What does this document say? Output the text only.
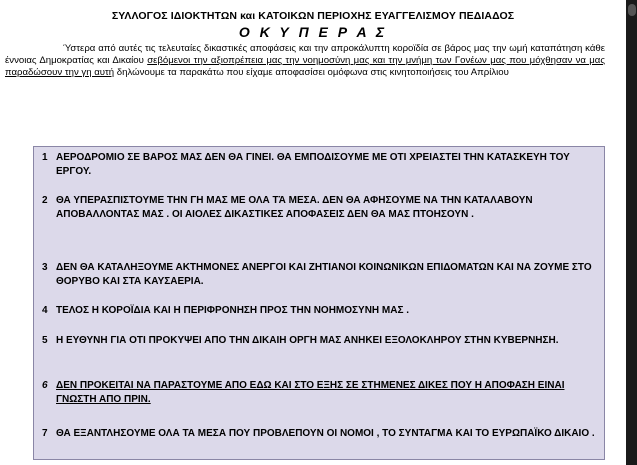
ΣΥΛΛΟΓΟΣ ΙΔΙΟΚΤΗΤΩΝ και ΚΑΤΟΙΚΩΝ ΠΕΡΙΟΧΗΣ ΕΥΑΓΓΕΛΙΣΜΟΥ ΠΕΔΙΑΔΟΣ
Ο Κ Υ Π Ε Ρ Α Σ
Ύστερα από αυτές τις τελευταίες δικαστικές αποφάσεις και την απροκάλυπτη κοροϊδία σε βάρος μας την ωμή καταπάτηση κάθε έννοιας Δημοκρατίας και Δικαίου σεβόμενοι την αξιοπρέπεια μας την νοημοσύνη μας και την μνήμη των Γονέων μας που μόχθησαν να μας παραδώσουν την γη αυτή δηλώνουμε τα παρακάτω που είχαμε αποφασίσει ομόφωνα στις κινητοποιήσεις του Απρίλιου
1 ΑΕΡΟΔΡΟΜΙΟ ΣΕ ΒΑΡΟΣ ΜΑΣ ΔΕΝ ΘΑ ΓΙΝΕΙ. ΘΑ ΕΜΠΟΔΙΣΟΥΜΕ ΜΕ ΟΤΙ ΧΡΕΙΑΣΤΕΙ ΤΗΝ ΚΑΤΑΣΚΕΥΗ ΤΟΥ ΕΡΓΟΥ.
2 ΘΑ ΥΠΕΡΑΣΠΙΣΤΟΥΜΕ ΤΗΝ ΓΗ ΜΑΣ ΜΕ ΟΛΑ ΤΆ ΜΕΣΑ. ΔΕΝ ΘΑ ΑΦΗΣΟΥΜΕ ΝΑ ΤΗΝ ΚΑΤΑΛΑΒΟΥΝ ΑΠΟΒΑΛΛΟΝΤΑΣ ΜΑΣ . ΟΙ ΑΙΟΛΕΣ ΔΙΚΑΣΤΙΚΕΣ ΑΠΟΦΑΣΕΙΣ ΔΕΝ ΘΑ ΜΑΣ ΠΤΟΗΣΟΥΝ .
3 ΔΕΝ ΘΑ ΚΑΤΑΛΗΞΟΥΜΕ ΑΚΤΗΜΟΝΕΣ ΑΝΕΡΓΟΙ ΚΑΙ ΖΗΤΙΑΝΟΙ ΚΟΙΝΩΝΙΚΩΝ ΕΠΙΔΟΜΑΤΩΝ ΚΑΙ ΝΑ ΖΟΥΜΕ ΣΤΟ ΘΟΡΥΒΟ ΚΑΙ ΣΤΑ ΚΑΥΣΑΕΡΙΑ.
4 ΤΕΛΟΣ Η ΚΟΡΟΪΔΙΑ ΚΑΙ Η ΠΕΡΙΦΡΟΝΗΣΗ ΠΡΟΣ ΤΗΝ ΝΟΗΜΟΣΥΝΗ ΜΑΣ .
5 Η ΕΥΘΥΝΗ ΓΙΑ ΟΤΙ ΠΡΟΚΥΨΕΙ ΑΠΟ ΤΗΝ ΔΙΚΑΙΗ ΟΡΓΗ ΜΑΣ ΑΝΗΚΕΙ ΕΞΟΛΟΚΛΗΡΟΥ ΣΤΗΝ ΚΥΒΕΡΝΗΣΗ.
6 ΔΕΝ ΠΡΟΚΕΙΤΑΙ ΝΑ ΠΑΡΑΣΤΟΥΜΕ ΑΠΟ ΕΔΩ ΚΑΙ ΣΤΟ ΕΞΗΣ ΣΕ ΣΤΗΜΕΝΕΣ ΔΙΚΕΣ ΠΟΥ Η ΑΠΟΦΑΣΗ ΕΙΝΑΙ ΓΝΩΣΤΗ ΑΠΟ ΠΡΙΝ.
7 ΘΑ ΕΞΑΝΤΛΗΣΟΥΜΕ ΟΛΑ ΤΑ ΜΕΣΑ ΠΟΥ ΠΡΟΒΛΕΠΟΥΝ ΟΙ ΝΟΜΟΙ , ΤΟ ΣΥΝΤΑΓΜΑ ΚΑΙ ΤΟ ΕΥΡΩΠΑΪΚΟ ΔΙΚΑΙΟ .
